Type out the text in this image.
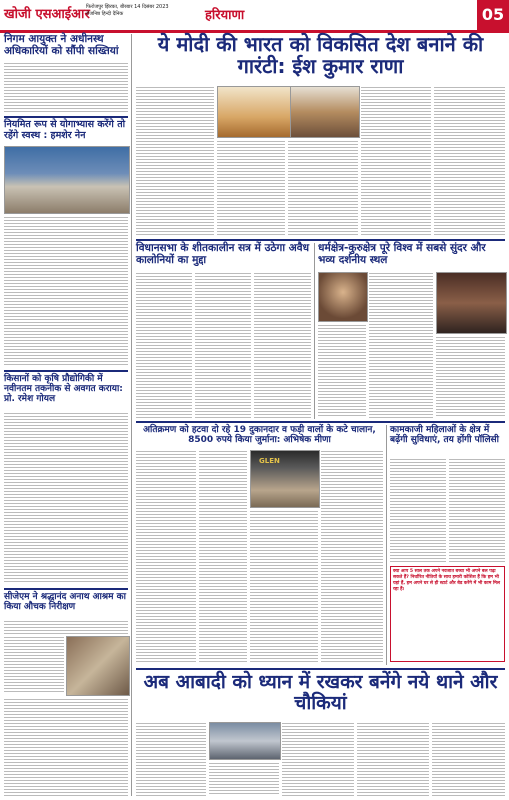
खोजी एसआईआर
फिरोजपुर झिरका, बीरबार 14 दिसंबर 2023
रोजनिष्ठ हिन्दी दैनिक	हरियाणा	05
निगम आयुक्त ने अधीनस्थ अधिकारियों को सौंपी सख्तियां
नियमित रूप से योगाभ्यास करेंगे तो रहेंगे स्वस्थ : हमशेर नेन
किसानों को कृषि प्रौद्योगिकी में नवीनतम तकनीक से अवगत कराया: प्रो. रमेश गोयल
सीजेएम ने श्रद्धानंद अनाथ आश्रम का किया औचक निरीक्षण
ये मोदी की भारत को विकसित देश बनाने की गारंटी: ईश कुमार राणा
विधानसभा के शीतकालीन सत्र में उठेगा अवैध कालोनियों का मुद्दा
धर्मक्षेत्र-कुरुक्षेत्र पूरे विश्व में सबसे सुंदर और भव्य दर्शनीय स्थल
अतिक्रमण को हटवा दो रहे 19 दुकानदार व फड़ी वालों के कटे चालान, 8500 रुपये किया जुर्माना: अभिषेक मीणा
GLEN
कामकाजी महिलाओं के क्षेत्र में बढ़ेंगी सुविधाएं, तय होंगी पॉलिसी
क्या आप 5 साल तक अपने नवजात बच्चा भी अपने बल पढ़ा सकते हैं? निर्धारित नीतियों के साथ हमारी कोशिश हैं कि हम भी यहां हैं, हम अपने घर से ही स्टार्ट और बेड करेंगे में भी काम मिल रहा हैं।
अब आबादी को ध्यान में रखकर बनेंगे नये थाने और चौकियां
